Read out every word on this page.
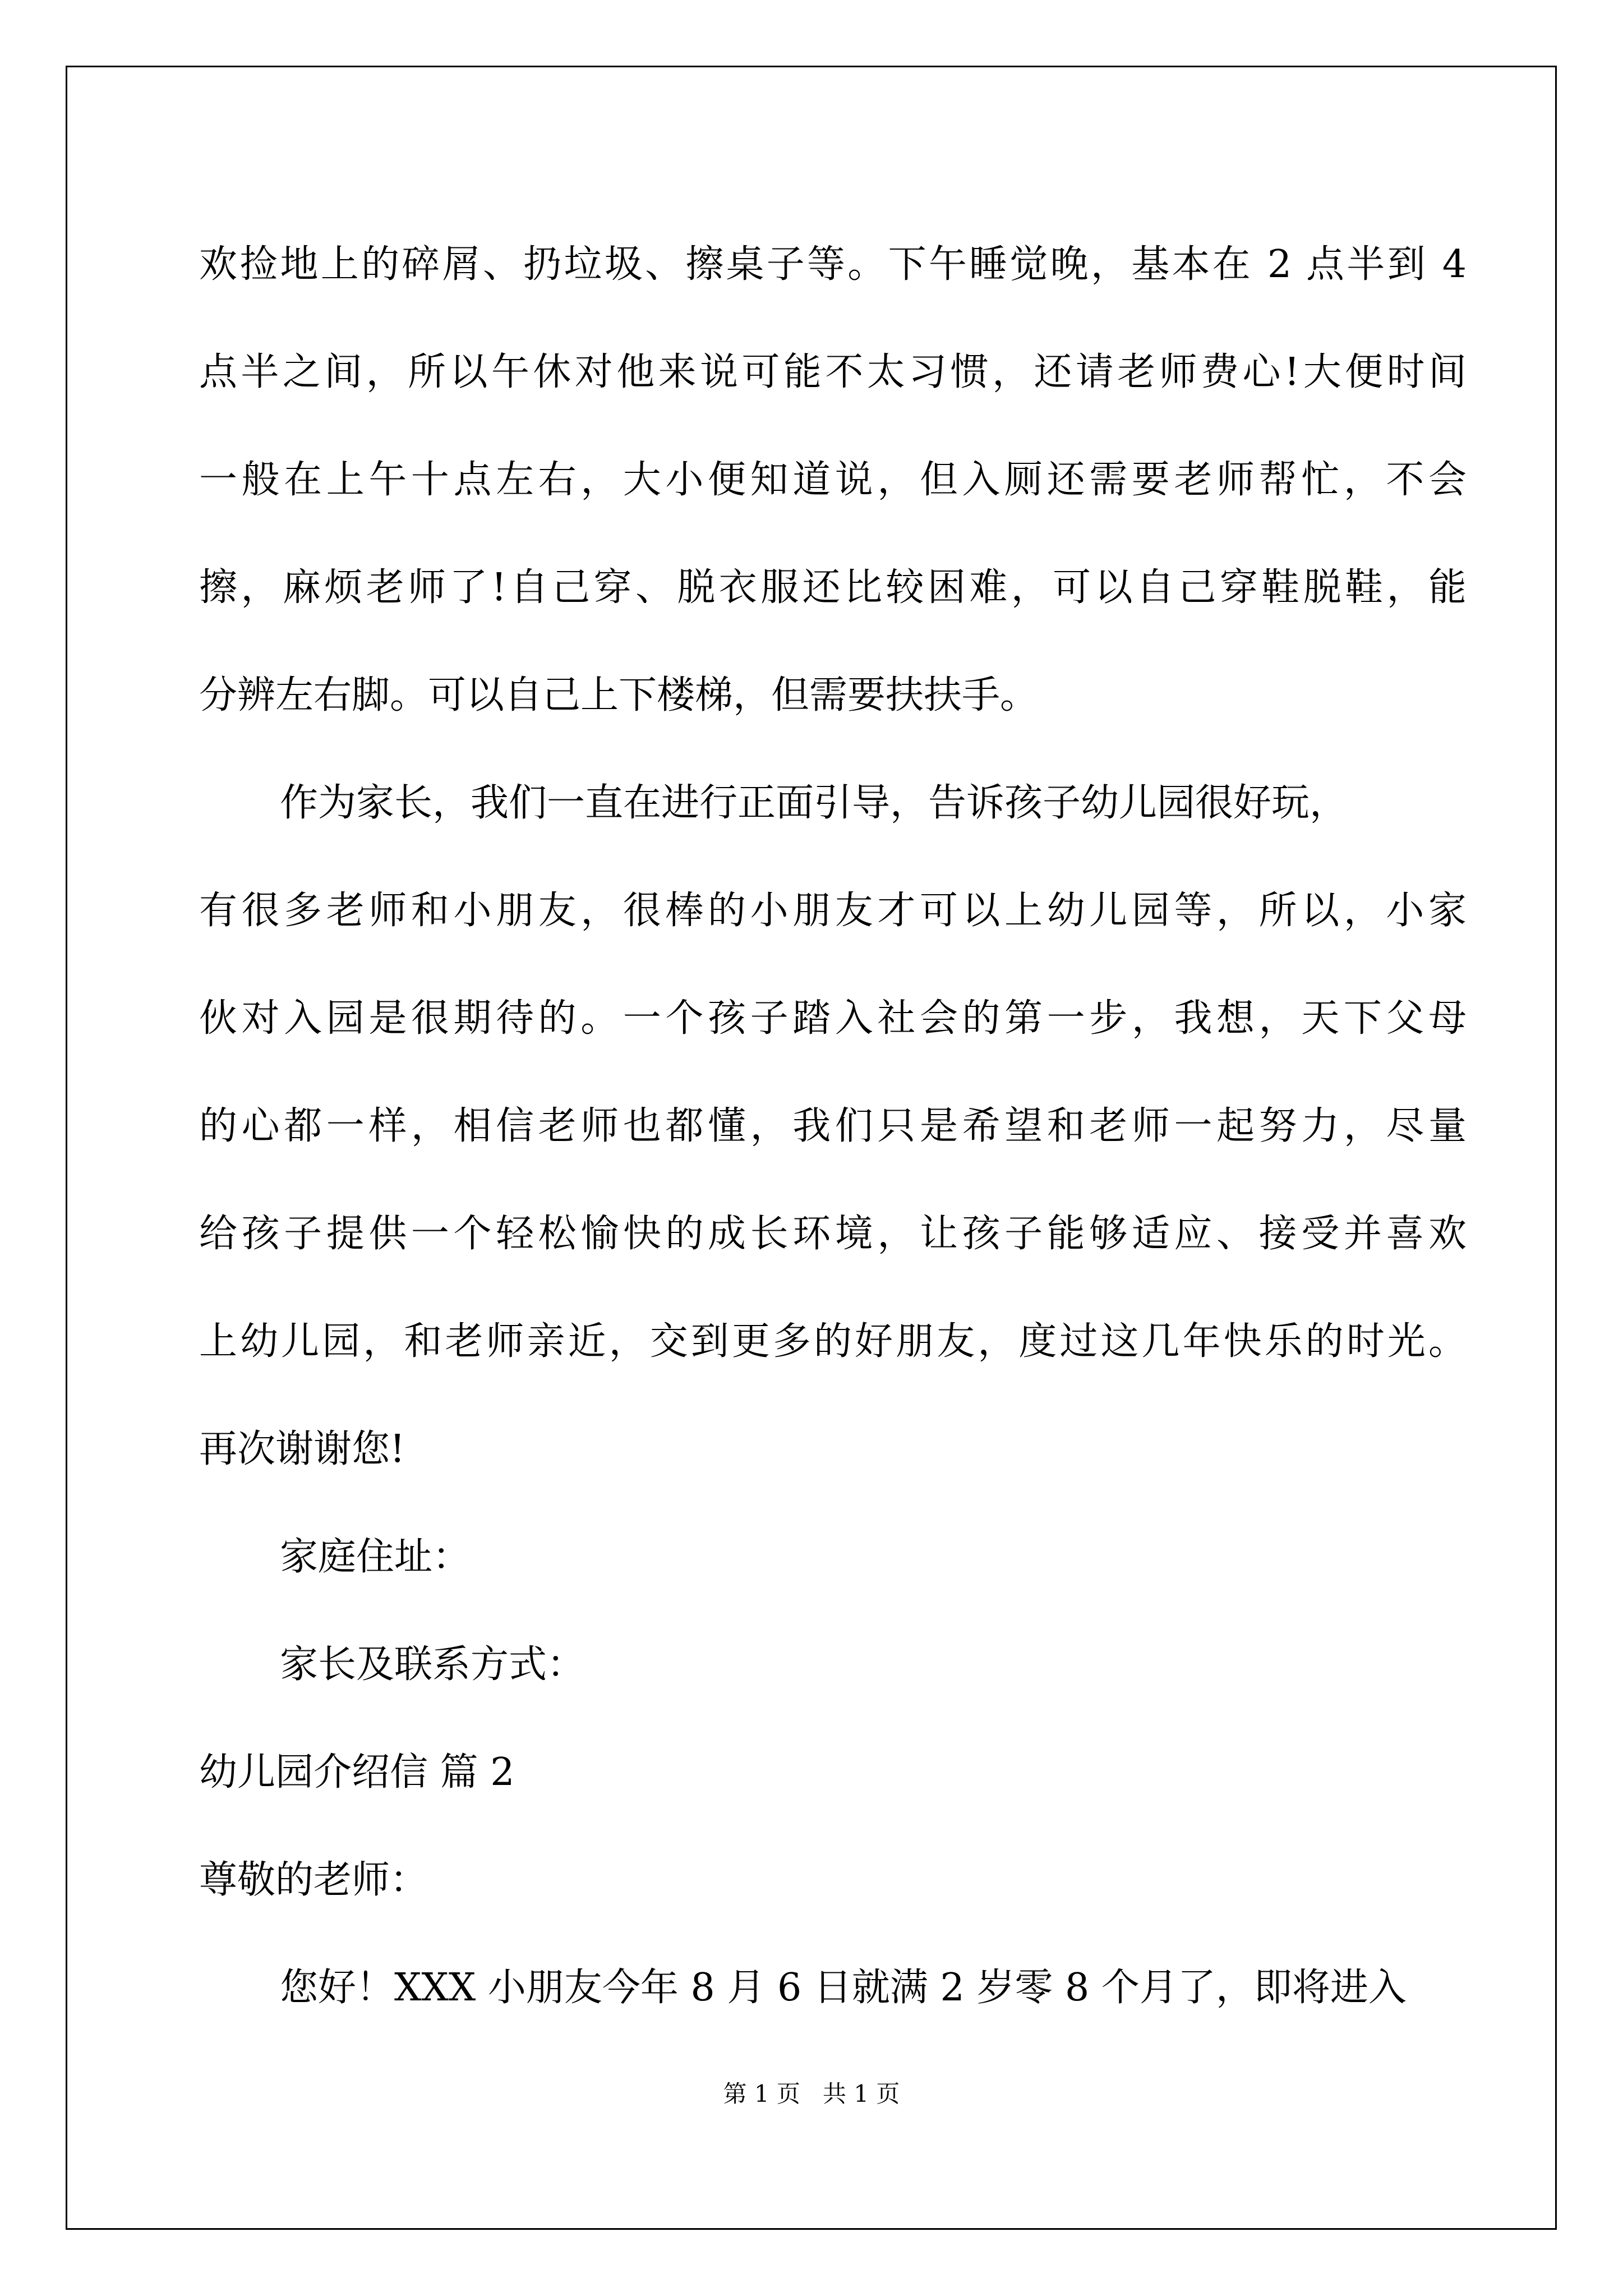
欢捡地上的碎屑、扔垃圾、擦桌子等。下午睡觉晚，基本在 2 点半到 4
点半之间，所以午休对他来说可能不太习惯，还请老师费心!大便时间
一般在上午十点左右，大小便知道说，但入厕还需要老师帮忙，不会
擦，麻烦老师了!自己穿、脱衣服还比较困难，可以自己穿鞋脱鞋，能
分辨左右脚。可以自己上下楼梯，但需要扶扶手。
作为家长，我们一直在进行正面引导，告诉孩子幼儿园很好玩，
有很多老师和小朋友，很棒的小朋友才可以上幼儿园等，所以，小家
伙对入园是很期待的。一个孩子踏入社会的第一步，我想，天下父母
的心都一样，相信老师也都懂，我们只是希望和老师一起努力，尽量
给孩子提供一个轻松愉快的成长环境，让孩子能够适应、接受并喜欢
上幼儿园，和老师亲近，交到更多的好朋友，度过这几年快乐的时光。
再次谢谢您!
家庭住址：
家长及联系方式：
幼儿园介绍信 篇 2
尊敬的老师：
您好！XXX 小朋友今年 8 月 6 日就满 2 岁零 8 个月了，即将进入
第 1 页 共 1 页
